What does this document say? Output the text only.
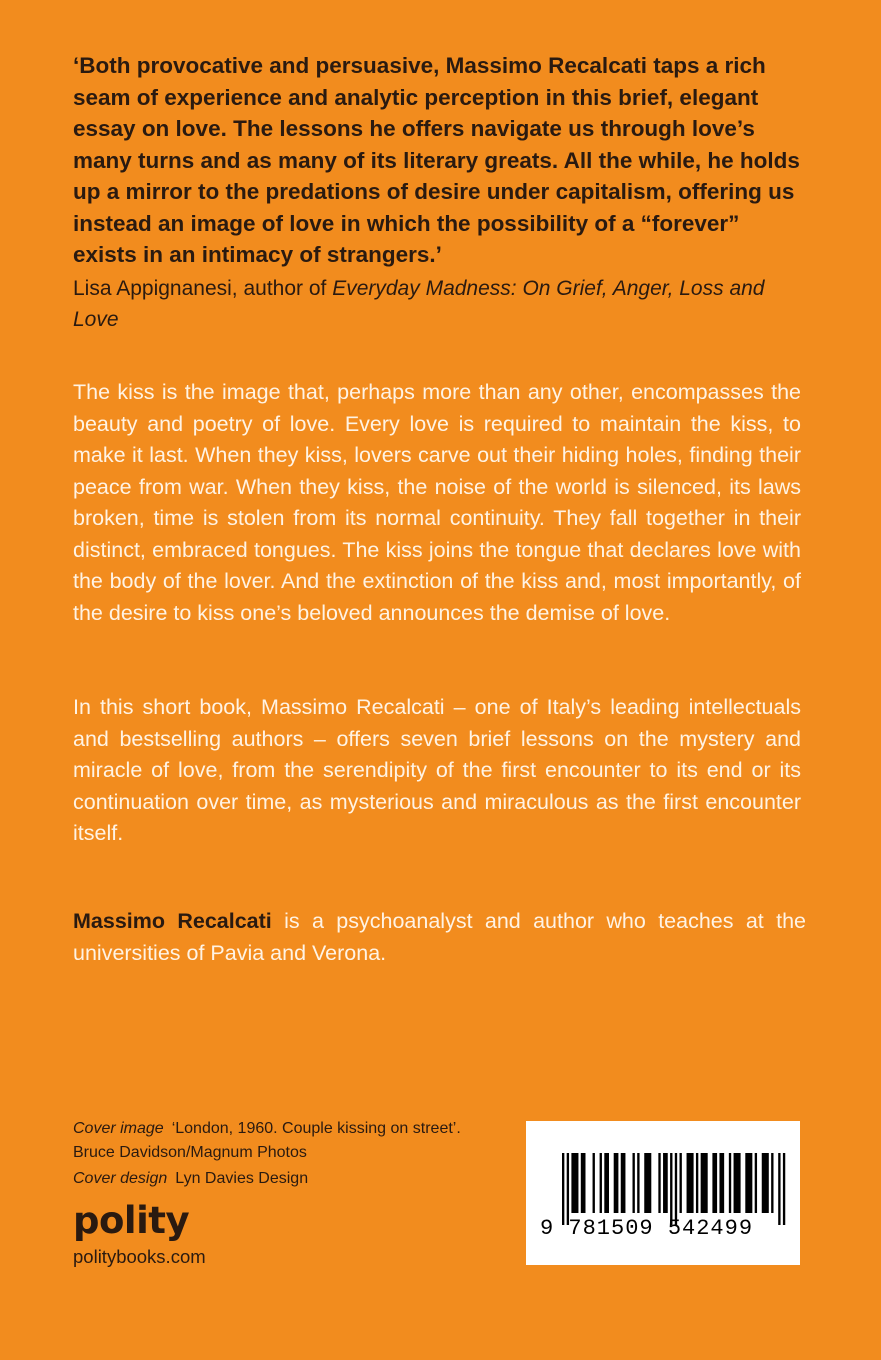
‘Both provocative and persuasive, Massimo Recalcati taps a rich seam of experience and analytic perception in this brief, elegant essay on love. The lessons he offers navigate us through love’s many turns and as many of its literary greats. All the while, he holds up a mirror to the predations of desire under capitalism, offering us instead an image of love in which the possibility of a “forever” exists in an intimacy of strangers.’

Lisa Appignanesi, author of Everyday Madness: On Grief, Anger, Loss and Love

The kiss is the image that, perhaps more than any other, encompasses the beauty and poetry of love. Every love is required to maintain the kiss, to make it last. When they kiss, lovers carve out their hiding holes, finding their peace from war. When they kiss, the noise of the world is silenced, its laws broken, time is stolen from its normal continuity. They fall together in their distinct, embraced tongues. The kiss joins the tongue that declares love with the body of the lover. And the extinction of the kiss and, most importantly, of the desire to kiss one’s beloved announces the demise of love.

In this short book, Massimo Recalcati – one of Italy’s leading intellectuals and bestselling authors – offers seven brief lessons on the mystery and miracle of love, from the serendipity of the first encounter to its end or its continuation over time, as mysterious and miraculous as the first encounter itself.

Massimo Recalcati is a psychoanalyst and author who teaches at the universities of Pavia and Verona.

Cover image ‘London, 1960. Couple kissing on street’.
Bruce Davidson/Magnum Photos
Cover design Lyn Davies Design
polity
politybooks.com
9 781509 542499
